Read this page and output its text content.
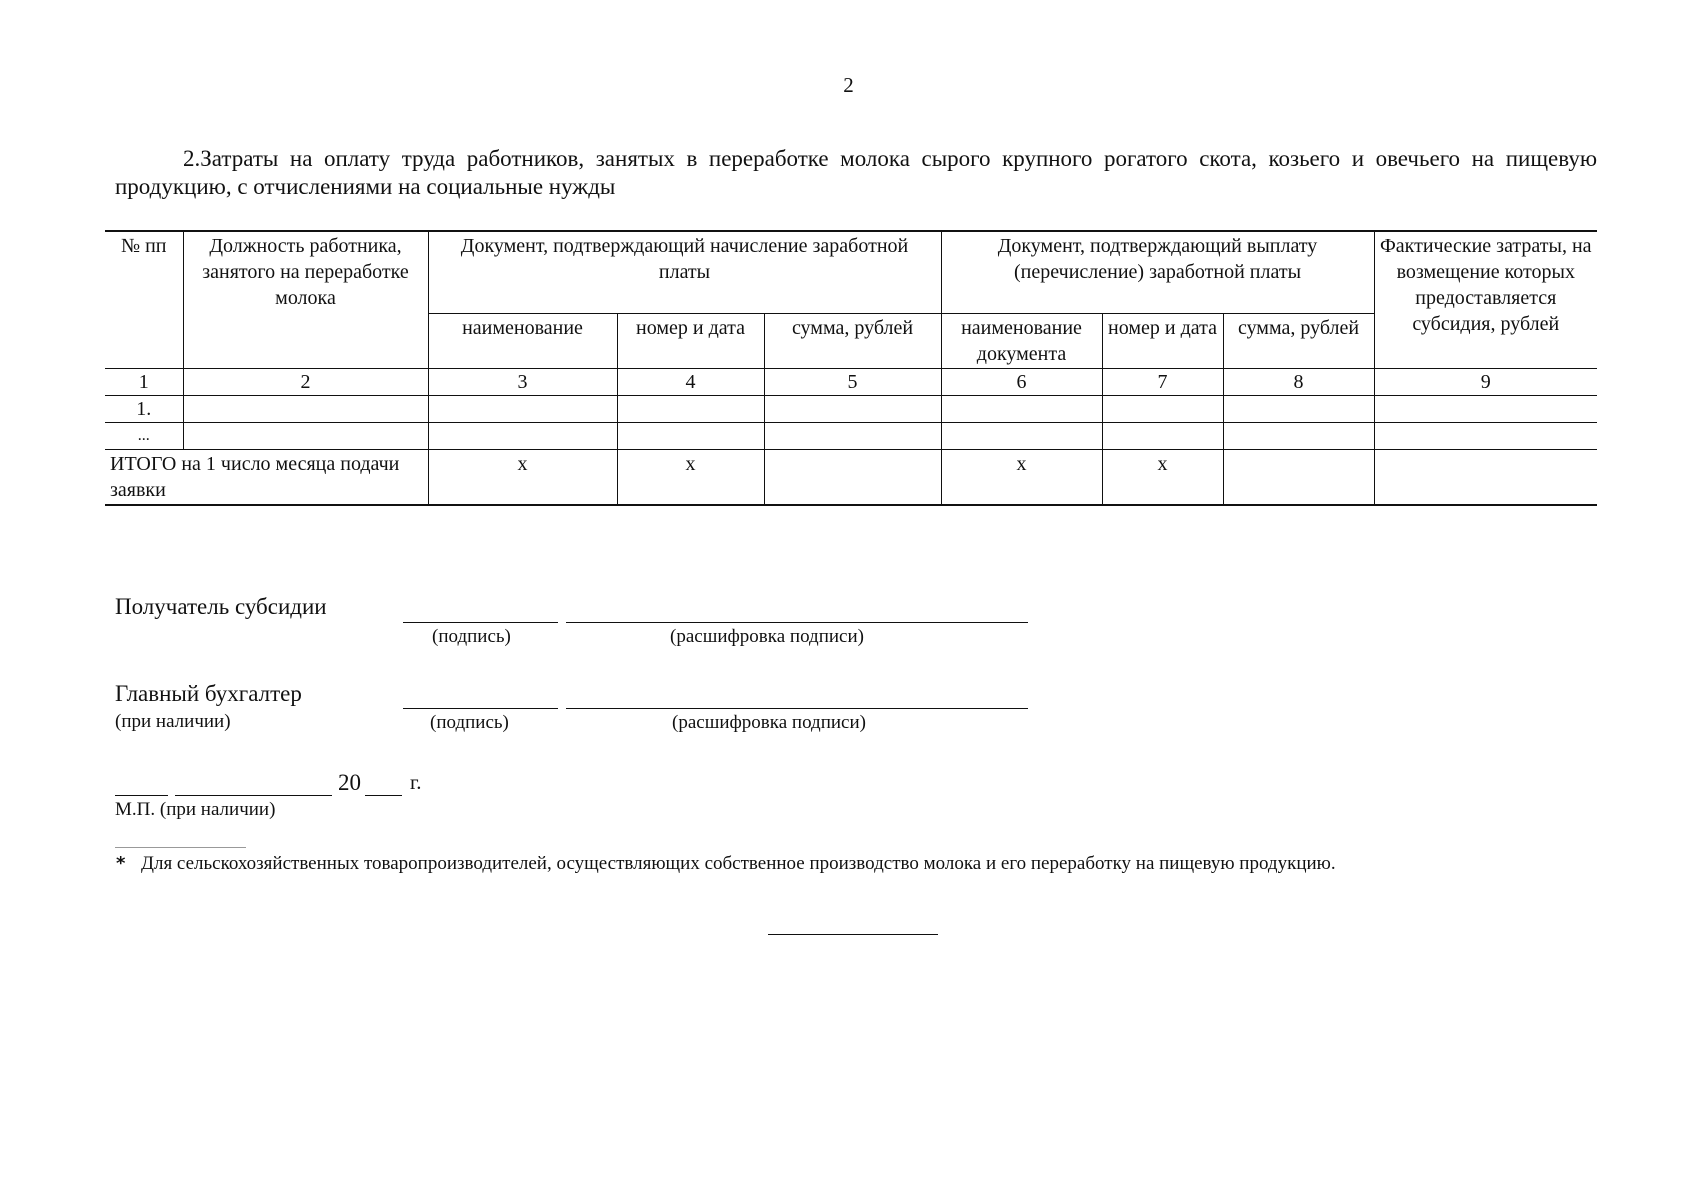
2
2.Затраты на оплату труда работников, занятых в переработке молока сырого крупного рогатого скота, козьего и овечьего на пищевую продукцию, с отчислениями на социальные нужды
№ пп	Должность работника, занятого на переработке молока	Документ, подтверждающий начисление заработной платы			Документ, подтверждающий выплату (перечисление) заработной платы			Фактические затраты, на возмещение которых предоставляется субсидия, рублей
		наименование	номер и дата	сумма, рублей	наименование документа	номер и дата	сумма, рублей	
1	2	3	4	5	6	7	8	9
1.								
...								
ИТОГО на 1 число месяца подачи заявки		х	х		х	х		
Получатель субсидии
(подпись)	(расшифровка подписи)
Главный бухгалтер
(при наличии)	(подпись)	(расшифровка подписи)
20 г.
М.П. (при наличии)
* Для сельскохозяйственных товаропроизводителей, осуществляющих собственное производство молока и его переработку на пищевую продукцию.
